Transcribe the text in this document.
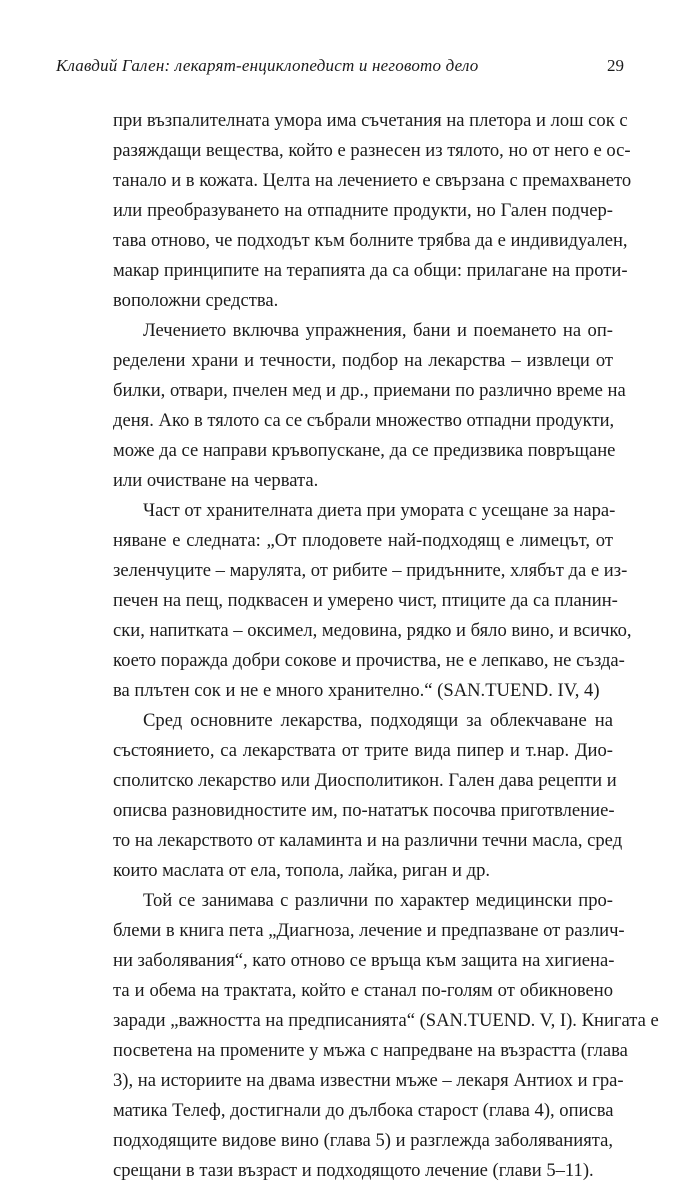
Клавдий Гален: лекарят-енциклопедист и неговото дело	29
при възпалителната умора има съчетания на плетора и лош сок с
разяждащи вещества, който е разнесен из тялото, но от него е ос-
танало и в кожата. Целта на лечението е свързана с премахването
или преобразуването на отпадните продукти, но Гален подчер-
тава отново, че подходът към болните трябва да е индивидуален,
макар принципите на терапията да са общи: прилагане на проти-
воположни средства.
Лечението включва упражнения, бани и поемането на оп-
ределени храни и течности, подбор на лекарства – извлеци от
билки, отвари, пчелен мед и др., приемани по различно време на
деня. Ако в тялото са се събрали множество отпадни продукти,
може да се направи кръвопускане, да се предизвика повръщане
или очистване на червата.
Част от хранителната диета при умората с усещане за нара-
няване е следната: „От плодовете най-подходящ е лимецът, от
зеленчуците – марулята, от рибите – придънните, хлябът да е из-
печен на пещ, подквасен и умерено чист, птиците да са планин-
ски, напитката – оксимел, медовина, рядко и бяло вино, и всичко,
което поражда добри сокове и прочиства, не е лепкаво, не създа-
ва плътен сок и не е много хранително.“ (SAN.TUEND. IV, 4)
Сред основните лекарства, подходящи за облекчаване на
състоянието, са лекарствата от трите вида пипер и т.нар. Дио-
сполитско лекарство или Диосполитикон. Гален дава рецепти и
описва разновидностите им, по-нататък посочва приготвление-
то на лекарството от каламинта и на различни течни масла, сред
които маслата от ела, топола, лайка, риган и др.
Той се занимава с различни по характер медицински про-
блеми в книга пета „Диагноза, лечение и предпазване от различ-
ни заболявания“, като отново се връща към защита на хигиена-
та и обема на трактата, който е станал по-голям от обикновено
заради „важността на предписанията“ (SAN.TUEND. V, I). Книгата е
посветена на промените у мъжа с напредване на възрастта (глава
3), на историите на двама известни мъже – лекаря Антиох и гра-
матика Телеф, достигнали до дълбока старост (глава 4), описва
подходящите видове вино (глава 5) и разглежда заболяванията,
срещани в тази възраст и подходящото лечение (глави 5–11).
